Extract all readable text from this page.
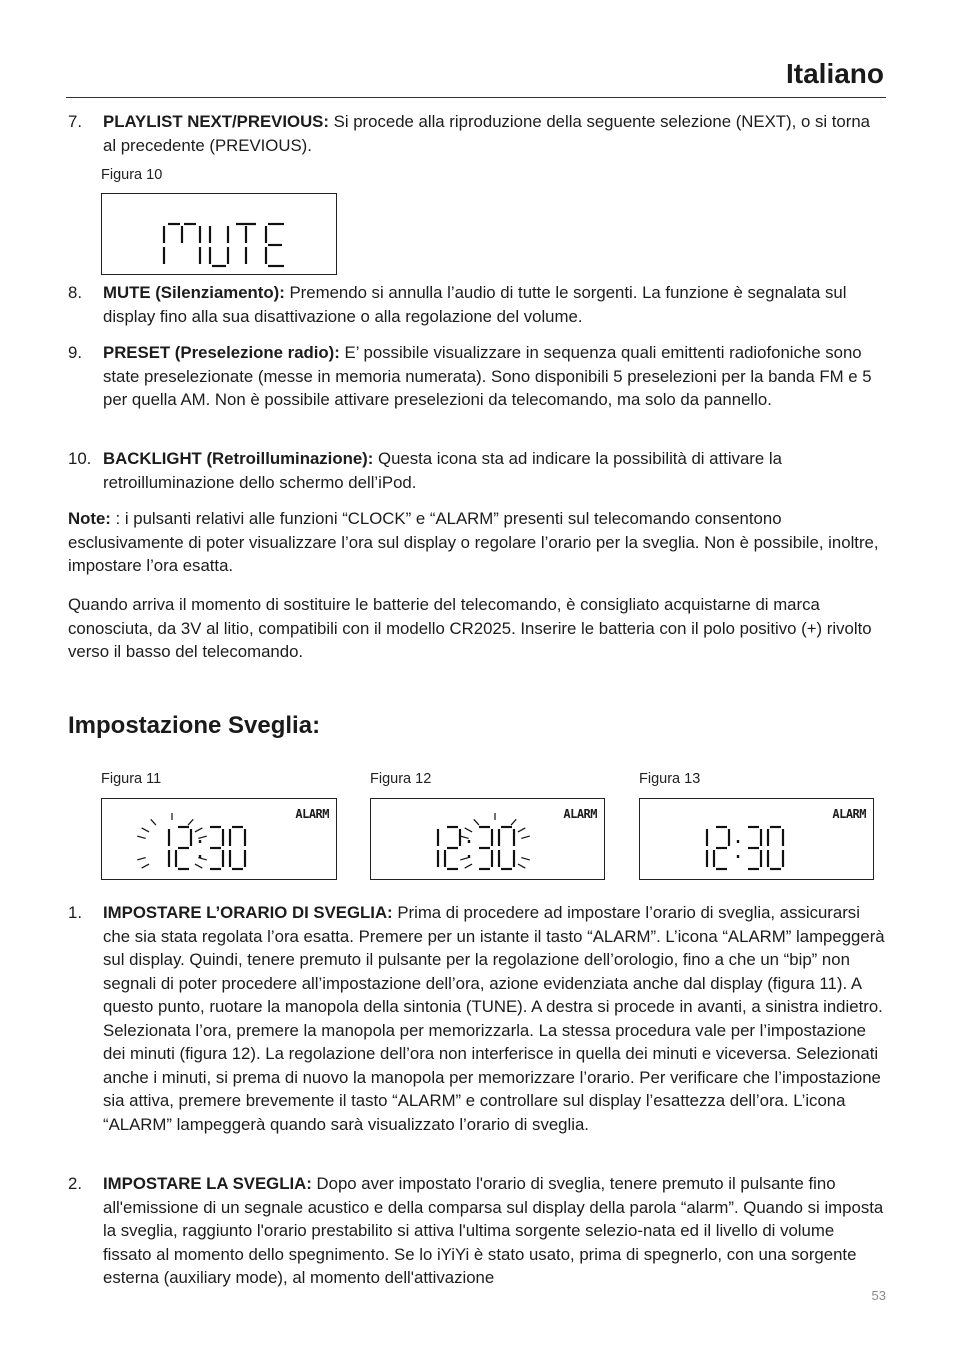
Italiano
7. PLAYLIST NEXT/PREVIOUS: Si procede alla riproduzione della seguente selezione (NEXT), o si torna al precedente (PREVIOUS).
Figura 10
8. MUTE (Silenziamento): Premendo si annulla l’audio di tutte le sorgenti. La funzione è segnalata sul display fino alla sua disattivazione o alla regolazione del volume.
9. PRESET (Preselezione radio): E’ possibile visualizzare in sequenza quali emittenti radiofoniche sono state preselezionate (messe in memoria numerata). Sono disponibili 5 preselezioni per la banda FM e 5 per quella AM. Non è possibile attivare preselezioni da telecomando, ma solo da pannello.
10. BACKLIGHT (Retroilluminazione): Questa icona sta ad indicare la possibilità di attivare la retroilluminazione dello schermo dell’iPod.
Note: : i pulsanti relativi alle funzioni “CLOCK” e “ALARM” presenti sul telecomando consentono esclusivamente di poter visualizzare l’ora sul display o regolare l’orario per la sveglia. Non è possibile, inoltre, impostare l’ora esatta.
Quando arriva il momento di sostituire le batterie del telecomando, è consigliato acquistarne di marca conosciuta, da 3V al litio, compatibili con il modello CR2025. Inserire le batteria con il polo positivo (+) rivolto verso il basso del telecomando.
Impostazione Sveglia:
Figura 11
ALARM
Figura 12
ALARM
Figura 13
ALARM
1. IMPOSTARE L’ORARIO DI SVEGLIA: Prima di procedere ad impostare l’orario di sveglia, assicurarsi che sia stata regolata l’ora esatta. Premere per un istante il tasto “ALARM”. L’icona “ALARM” lampeggerà sul display. Quindi, tenere premuto il pulsante per la regolazione dell’orologio, fino a che un “bip” non segnali di poter procedere all’impostazione dell’ora, azione evidenziata anche dal display (figura 11). A questo punto, ruotare la manopola della sintonia (TUNE). A destra si procede in avanti, a sinistra indietro. Selezionata l’ora, premere la manopola per memorizzarla. La stessa procedura vale per l’impostazione dei minuti (figura 12). La regolazione dell’ora non interferisce in quella dei minuti e viceversa. Selezionati anche i minuti, si prema di nuovo la manopola per memorizzare l’orario. Per verificare che l’impostazione sia attiva, premere brevemente il tasto “ALARM” e controllare sul display l’esattezza dell’ora. L’icona “ALARM” lampeggerà quando sarà visualizzato l’orario di sveglia.
2. IMPOSTARE LA SVEGLIA: Dopo aver impostato l'orario di sveglia, tenere premuto il pulsante fino all'emissione di un segnale acustico e della comparsa sul display della parola “alarm”. Quando si imposta la sveglia, raggiunto l'orario prestabilito si attiva l'ultima sorgente selezio-nata ed il livello di volume fissato al momento dello spegnimento. Se lo iYiYi è stato usato, prima di spegnerlo, con una sorgente esterna (auxiliary mode), al momento dell'attivazione
53
